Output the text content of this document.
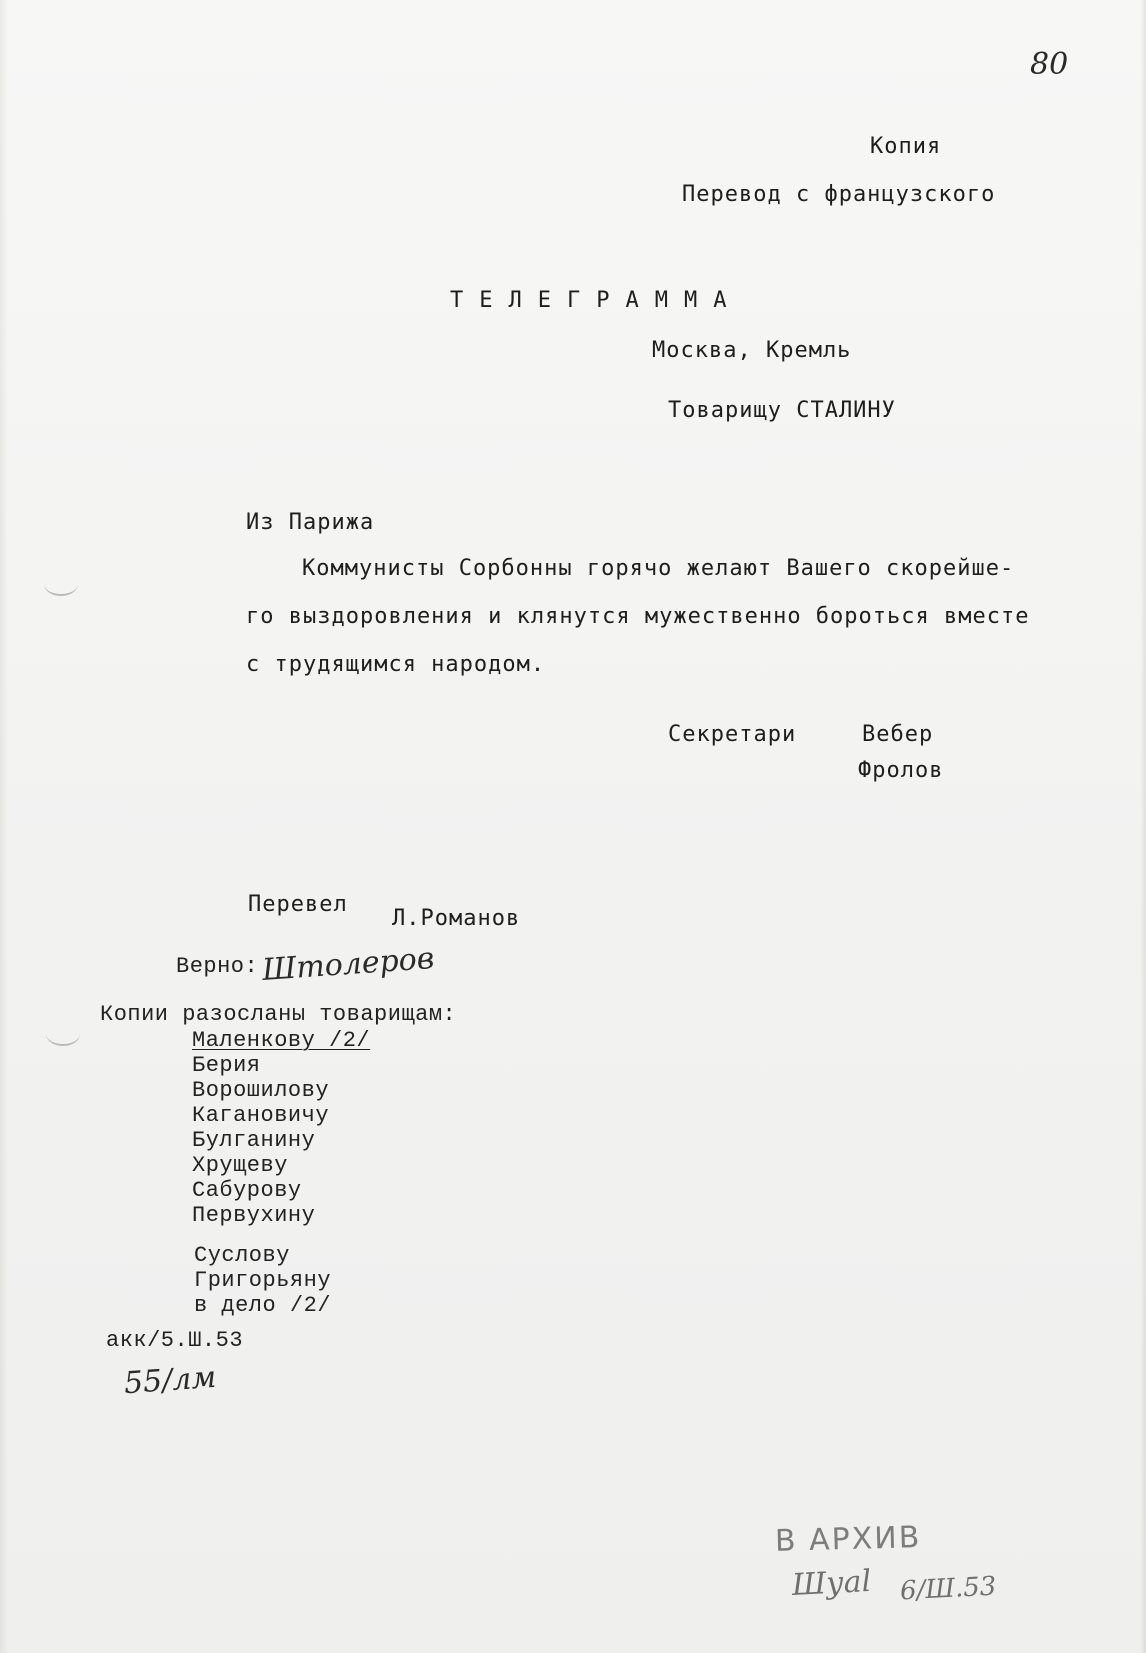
80
Копия
Перевод с французского
ТЕЛЕГРАММА
Москва, Кремль
Товарищу СТАЛИНУ
Из Парижа
Коммунисты Сорбонны горячо желают Вашего скорейше-
го выздоровления и клянутся мужественно бороться вместе
с трудящимся народом.
Секретари	Вебер
Фролов
Перевел
Л.Романов
Верно: Штолеров
Копии разосланы товарищам:
Маленкову /2/
Берия
Ворошилову
Кагановичу
Булганину
Хрущеву
Сабурову
Первухину
Суслову
Григорьяну
в дело /2/
акк/5.Ш.53
55/лм
В АРХИВ
Шуаl 6/Ш.53
